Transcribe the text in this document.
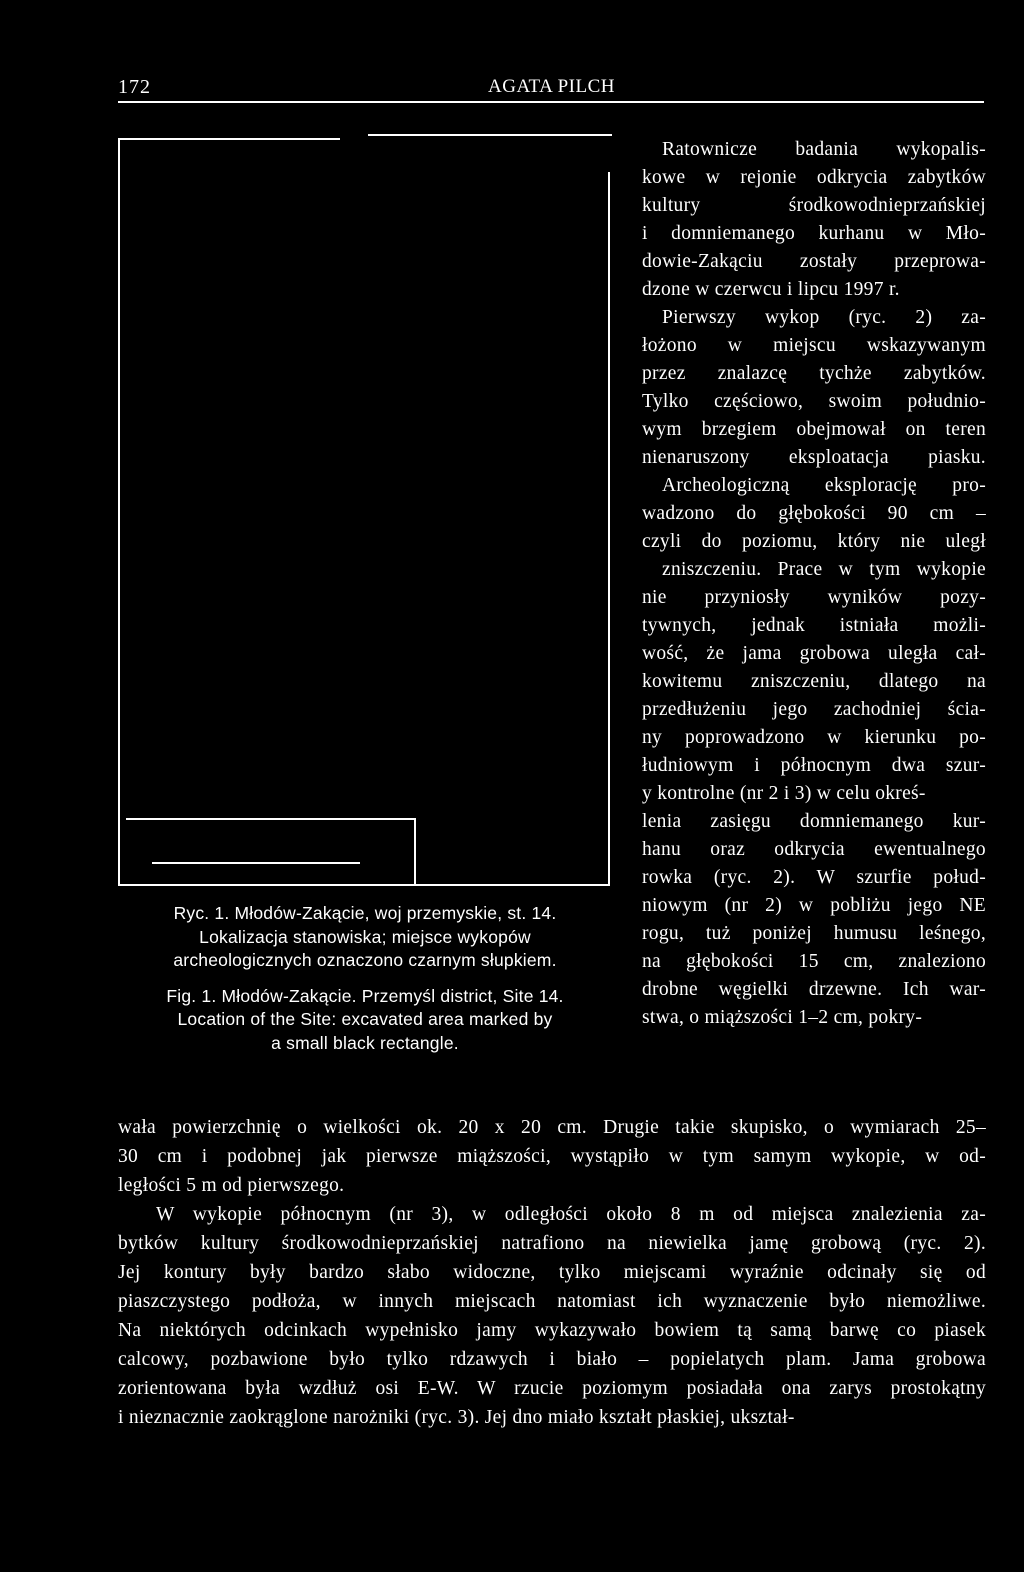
172	AGATA PILCH
Ryc. 1. Młodów-Zakącie, woj przemyskie, st. 14.
Lokalizacja stanowiska; miejsce wykopów
archeologicznych oznaczono czarnym słupkiem.
Fig. 1. Młodów-Zakącie. Przemyśl district, Site 14.
Location of the Site: excavated area marked by
a small black rectangle.
Ratownicze badania wykopalis-
kowe w rejonie odkrycia zabytków
kultury środkowodnieprzańskiej
i domniemanego kurhanu w Mło-
dowie-Zakąciu zostały przeprowa-
dzone w czerwcu i lipcu 1997 r.
Pierwszy wykop (ryc. 2) za-
łożono w miejscu wskazywanym
przez znalazcę tychże zabytków.
Tylko częściowo, swoim południo-
wym brzegiem obejmował on teren
nienaruszony eksploatacja piasku.
Archeologiczną eksplorację pro-
wadzono do głębokości 90 cm –
czyli do poziomu, który nie uległ
zniszczeniu. Prace w tym wykopie
nie przyniosły wyników pozy-
tywnych, jednak istniała możli-
wość, że jama grobowa uległa cał-
kowitemu zniszczeniu, dlatego na
przedłużeniu jego zachodniej ścia-
ny poprowadzono w kierunku po-
łudniowym i północnym dwa szur-
y kontrolne (nr 2 i 3) w celu okreś-
lenia zasięgu domniemanego kur-
hanu oraz odkrycia ewentualnego
rowka (ryc. 2). W szurfie połud-
niowym (nr 2) w pobliżu jego NE
rogu, tuż poniżej humusu leśnego,
na głębokości 15 cm, znaleziono
drobne węgielki drzewne. Ich war-
stwa, o miąższości 1–2 cm, pokry-
wała powierzchnię o wielkości ok. 20 x 20 cm. Drugie takie skupisko, o wymiarach 25–
30 cm i podobnej jak pierwsze miąższości, wystąpiło w tym samym wykopie, w od-
ległości 5 m od pierwszego.
W wykopie północnym (nr 3), w odległości około 8 m od miejsca znalezienia za-
bytków kultury środkowodnieprzańskiej natrafiono na niewielka jamę grobową (ryc. 2).
Jej kontury były bardzo słabo widoczne, tylko miejscami wyraźnie odcinały się od
piaszczystego podłoża, w innych miejscach natomiast ich wyznaczenie było niemożliwe.
Na niektórych odcinkach wypełnisko jamy wykazywało bowiem tą samą barwę co piasek
calcowy, pozbawione było tylko rdzawych i biało – popielatych plam. Jama grobowa
zorientowana była wzdłuż osi E-W. W rzucie poziomym posiadała ona zarys prostokątny
i nieznacznie zaokrąglone narożniki (ryc. 3). Jej dno miało kształt płaskiej, ukształ-
